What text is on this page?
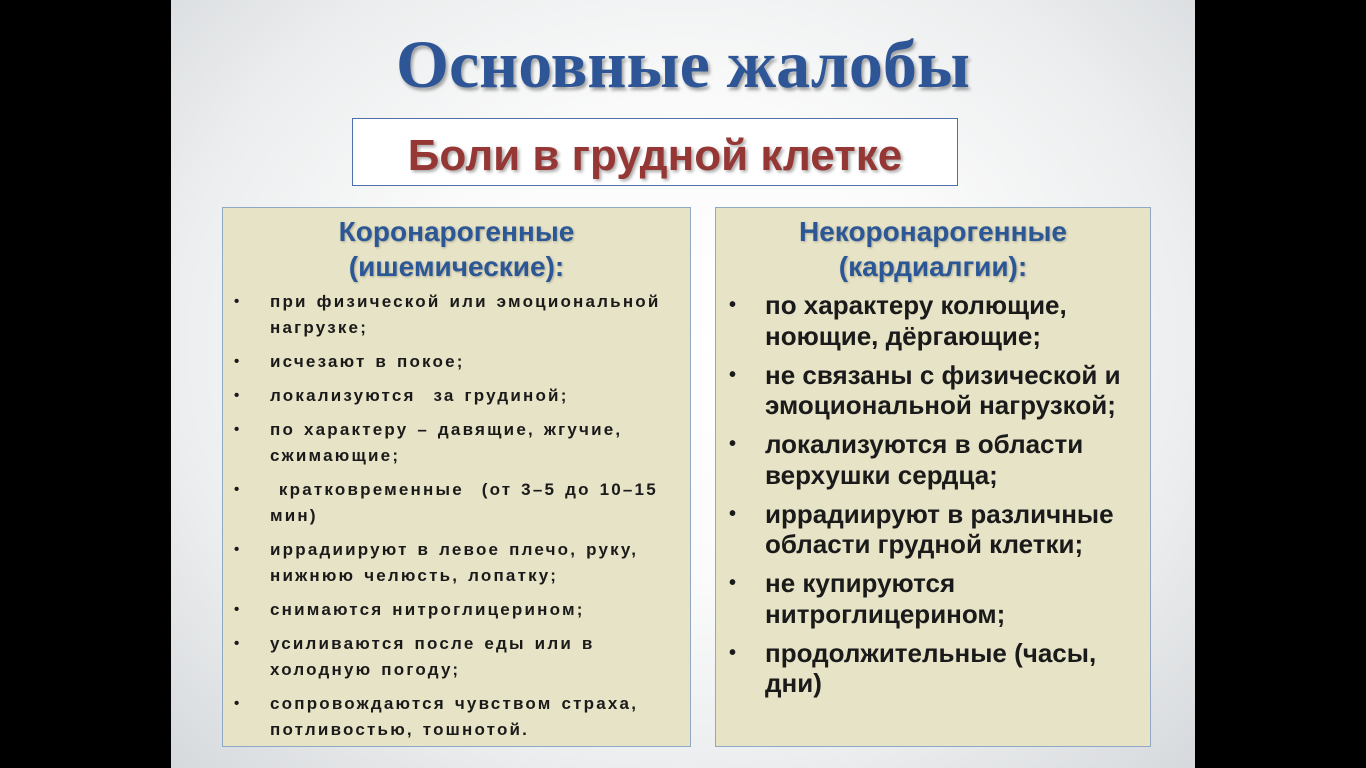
Основные жалобы
Боли в грудной клетке
Коронарогенные
(ишемические):
•
при физической или эмоциональной
нагрузке;
•
исчезают в покое;
•
локализуются  за грудиной;
•
по характеру – давящие, жгучие,
сжимающие;
•
кратковременные  (от 3–5 до 10–15
мин)
•
иррадиируют в левое плечо, руку,
нижнюю челюсть, лопатку;
•
снимаются нитроглицерином;
•
усиливаются после еды или в
холодную погоду;
•
сопровождаются чувством страха,
потливостью, тошнотой.
Некоронарогенные
(кардиалгии):
•
по характеру колющие,
ноющие, дёргающие;
•
не связаны с физической и
эмоциональной нагрузкой;
•
локализуются в области
верхушки сердца;
•
иррадиируют в различные
области грудной клетки;
•
не купируются
нитроглицерином;
•
продолжительные (часы,
дни)
